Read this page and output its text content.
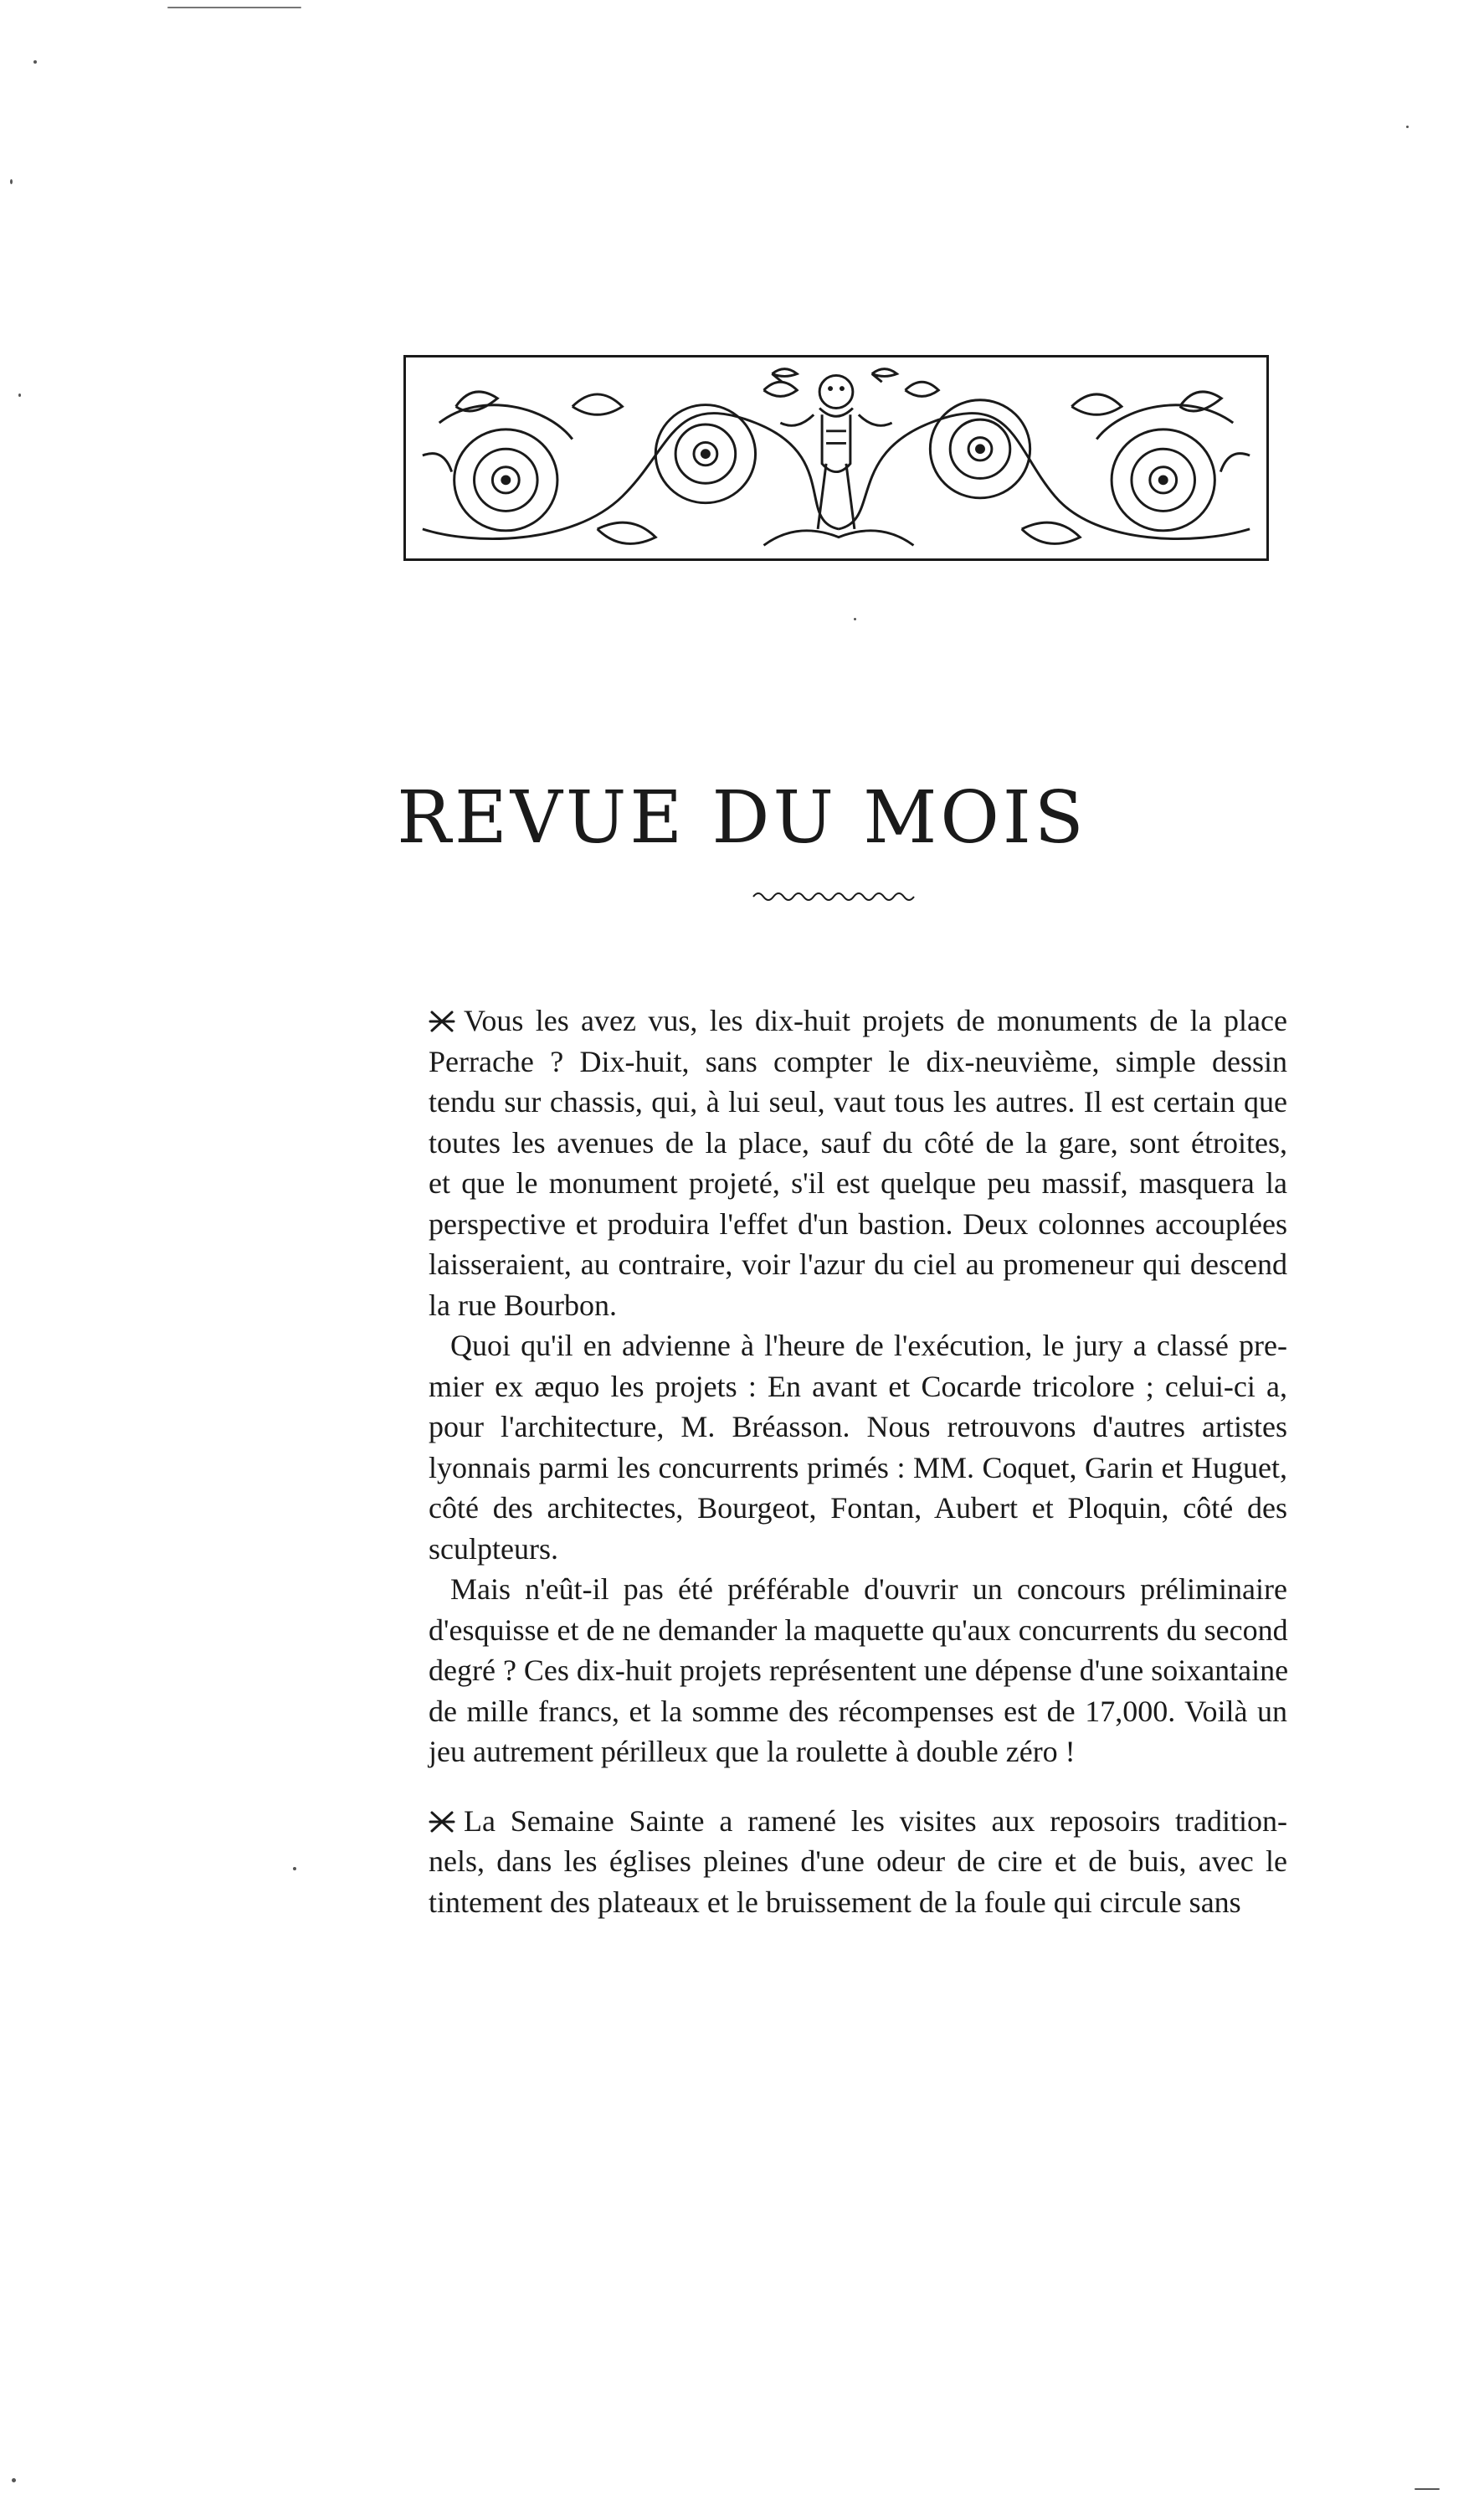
REVUE DU MOIS

Vous les avez vus, les dix-huit projets de monuments de la place
Perrache ? Dix-huit, sans compter le dix-neuvième, simple dessin
tendu sur chassis, qui, à lui seul, vaut tous les autres. Il est certain que
toutes les avenues de la place, sauf du côté de la gare, sont étroites,
et que le monument projeté, s'il est quelque peu massif, masquera la
perspective et produira l'effet d'un bastion. Deux colonnes accouplées
laisseraient, au contraire, voir l'azur du ciel au promeneur qui descend
la rue Bourbon.

Quoi qu'il en advienne à l'heure de l'exécution, le jury a classé pre-
mier ex æquo les projets : En avant et Cocarde tricolore ; celui-ci a,
pour l'architecture, M. Bréasson. Nous retrouvons d'autres artistes
lyonnais parmi les concurrents primés : MM. Coquet, Garin et Huguet,
côté des architectes, Bourgeot, Fontan, Aubert et Ploquin, côté des
sculpteurs.

Mais n'eût-il pas été préférable d'ouvrir un concours préliminaire
d'esquisse et de ne demander la maquette qu'aux concurrents du second
degré ? Ces dix-huit projets représentent une dépense d'une soixantaine
de mille francs, et la somme des récompenses est de 17,000. Voilà un
jeu autrement périlleux que la roulette à double zéro !

La Semaine Sainte a ramené les visites aux reposoirs tradition-
nels, dans les églises pleines d'une odeur de cire et de buis, avec le
tintement des plateaux et le bruissement de la foule qui circule sans
